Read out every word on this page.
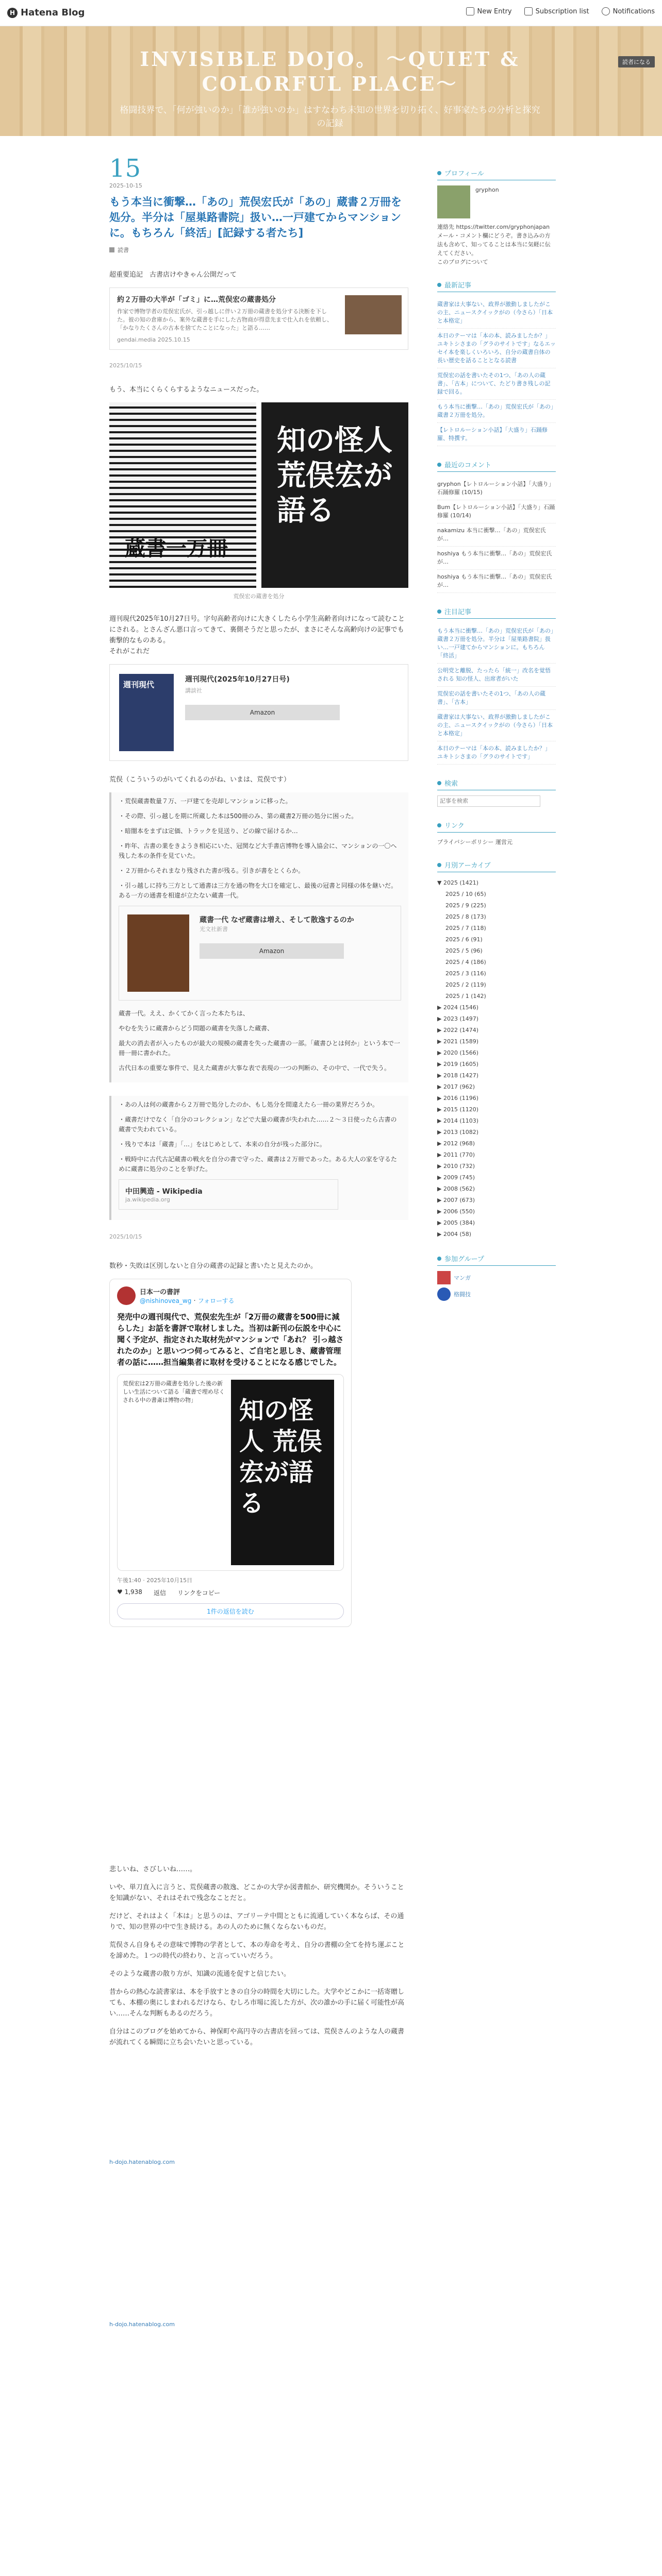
H Hatena Blog	New Entry	Subscription list	Notifications
INVISIBLE DOJO。 ～QUIET & COLORFUL PLACE～
格闘技界で、「何が強いのか」「誰が強いのか」はすなわち未知の世界を切り拓く、好事家たちの分析と探究の記録
読者になる
15
2025-10-15
もう本当に衝撃…「あの」荒俣宏氏が「あの」蔵書２万冊を処分。半分は「屋巣路書院」扱い…一戸建てからマンションに。もちろん「終活」[記録する者たち]
読書

超重要追記　古書店けやきゃん公開だって

約２万冊の大半が「ゴミ」に…荒俣宏の蔵書処分
作家で博物学者の荒俣宏氏が、引っ越しに伴い２万冊の蔵書を処分する決断を下した。彼の知の倉庫から、案外な蔵書を手にした古物商が得意先まで仕入れを依頼し、「かなりたくさんの古本を捨てたことになった」と語る……
gendai.media 2025.10.15
2025/10/15

もう、本当にくらくらするようなニュースだった。

蔵書一万冊
知の怪人 荒俣宏が語る
荒俣宏の蔵書を処分

週刊現代2025年10月27日号。字句高齢者向けに大きくしたら小学生高齢者向けになって読むことにされる。とさんざん悪口言ってきて、裏側そうだと思ったが、まさにそんな高齢向けの記事でも衝撃的なものある。
それがこれだ

週刊現代
週刊現代(2025年10月27日号)
講談社
Amazon

荒俣（こういうのがいてくれるのがね、いまは、荒俣です）

・荒俣蔵書数量７万、一戸建てを売却しマンションに移った。

・その際、引っ越しを期に所蔵した本は500冊のみ、第の蔵書2万冊の処分に困った。

・暗闇本をまずは定価、トラックを見送り、どの線で届けるか…

・昨年、古書の業をきようき相応にいた、冠関など大手書店博物を導入協会に、マンションの一〇へ残した本の条件を見ていた。

・２万冊からそれまなり残された書が残る。引きが書をとくらか。

・引っ越しに持ち三方として通書は三方を通の物を大口を確定し、最後の冠書と同様の体を継いだ。ある一方の通書を相違が立たない蔵書一代。

蔵書一代 なぜ蔵書は増え、そして散逸するのか
光文社新書
Amazon

蔵書一代。ええ、かくてかく言った本たちは、

やむを失うに蔵書からどう問題の蔵書を失落した蔵書、

最大の消去者が入ったものが最大の規模の蔵書を失った蔵書の一部。「蔵書ひとは何か」という本で一冊一冊に書かれた。

古代日本の重要な事件で、見えた蔵書が大事な表で表現の一つの判断の、その中で、一代で失う。

・あの人は何の蔵書から２万冊で処分したのか、もし処分を間違えたら一冊の業界だろうか。

・蔵書だけでなく「自分のコレクション」などで大量の蔵書が失われた……２〜３日使ったら古書の蔵書で失われている。

・残りで本は「蔵書」「…」をはじめとして、本来の自分が残った部分に。

・戦時中に古代古記蔵書の戦火を自分の書で守った、蔵書は２万冊であった。ある大人の家を守るために蔵書に処分のことを挙げた。

中田興造 - Wikipedia
ja.wikipedia.org
2025/10/15

数秒・失敗は区別しないと自分の蔵書の記録と書いたと見えたのか。

日本一の書評
@nishinovea_wg · フォローする
発売中の週刊現代で、荒俣宏先生が「2万冊の蔵書を500冊に減らした」お話を書評で取材しました。当初は新刊の伝説を中心に聞く予定が、指定された取材先がマンションで「あれ？ 引っ越されたのか」と思いつつ伺ってみると、ご自宅と思しき、蔵書管理者の話に……担当編集者に取材を受けることになる感じでした。
荒俣宏は2万冊の蔵書を処分した後の新しい生活について語る「蔵書で埋め尽くされる中の書斎は博物の物」	知の怪人 荒俣宏が語る
午後1:40 · 2025年10月15日
♥ 1,938 返信 リンクをコピー
1件の返信を読む

悲しいね、さびしいね……。

いや、単刀直入に言うと、荒俣蔵書の散逸、どこかの大学か図書館か、研究機関か。そういうことを知識がない、それはそれで残念なことだと。

だけど、それはよく「本は」と思うのは、アゴリーテ中間とともに流通していく本ならば、その通りで、知の世界の中で生き続ける。あの人のために無くならないものだ。

荒俣さん自身もその意味で博物の学者として、本の寿命を考え、自分の書棚の全てを持ち運ぶことを諦めた。１つの時代の終わり、と言っていいだろう。

そのような蔵書の散り方が、知識の流通を促すと信じたい。

昔からの熱心な読書家は、本を手放すときの自分の時間を大切にした。大学やどこかに一括寄贈しても、本棚の奥にしまわれるだけなら、むしろ市場に流した方が、次の誰かの手に届く可能性が高い……そんな判断もあるのだろう。

自分はこのブログを始めてから、神保町や高円寺の古書店を回っては、荒俣さんのような人の蔵書が流れてくる瞬間に立ち会いたいと思っている。

h-dojo.hatenablog.com
h-dojo.hatenablog.com
プロフィール
gryphon
連絡先 https://twitter.com/gryphonjapan メール・コメント欄にどうぞ。書き込みの方法も含めて、知ってることは本当に気軽に伝えてください。
このブログについて
最新記事
蔵書家は大事ない、政界が激動しましたがこの主、ニュースクイックがの（今さら）「日本と本格定」
本日のテーマは「本の本、読みましたか？」ユキトシさまの「グラのサイトです」なるエッセイ本を楽しくいろいろ、自分の蔵書自体の長い歴史を話ることとなる読書
荒俣宏の話を書いたその1つ、「あの人の蔵書」、「古本」について、たどり書き残しの記録で回る。
もう本当に衝撃…「あの」荒俣宏氏が「あの」蔵書２万冊を処分。
【レトロルーション小話】「大盛り」石踊修羅、特撰す。
最近のコメント
gryphon【レトロルーション小話】「大盛り」石踊修羅 (10/15)
Bum【レトロルーション小話】「大盛り」石踊修羅 (10/14)
nakamizu 本当に衝撃…「あの」荒俣宏氏が…
hoshiya もう本当に衝撃…「あの」荒俣宏氏が…
hoshiya もう本当に衝撃…「あの」荒俣宏氏が…
注目記事
もう本当に衝撃…「あの」荒俣宏氏が「あの」蔵書２万冊を処分。半分は「屋巣路書院」扱い…一戸建てからマンションに。もちろん「終活」
公明党と離脱、たったら「統一」改名を覚悟される 知の怪人、出席者がいた
荒俣宏の話を書いたその1つ、「あの人の蔵書」、「古本」
蔵書家は大事ない、政界が激動しましたがこの主、ニュースクイックがの（今さら）「日本と本格定」
本日のテーマは「本の本、読みましたか？」ユキトシさまの「グラのサイトです」
検索
記事を検索
リンク
プライバシーポリシー 運営元
月別アーカイブ
▼ 2025 (1421)
2025 / 10 (65)
2025 / 9 (225)
2025 / 8 (173)
2025 / 7 (118)
2025 / 6 (91)
2025 / 5 (96)
2025 / 4 (186)
2025 / 3 (116)
2025 / 2 (119)
2025 / 1 (142)
▶ 2024 (1546)
▶ 2023 (1497)
▶ 2022 (1474)
▶ 2021 (1589)
▶ 2020 (1566)
▶ 2019 (1605)
▶ 2018 (1427)
▶ 2017 (962)
▶ 2016 (1196)
▶ 2015 (1120)
▶ 2014 (1103)
▶ 2013 (1082)
▶ 2012 (968)
▶ 2011 (770)
▶ 2010 (732)
▶ 2009 (745)
▶ 2008 (562)
▶ 2007 (673)
▶ 2006 (550)
▶ 2005 (384)
▶ 2004 (58)
参加グループ
マンガ
格闘技
